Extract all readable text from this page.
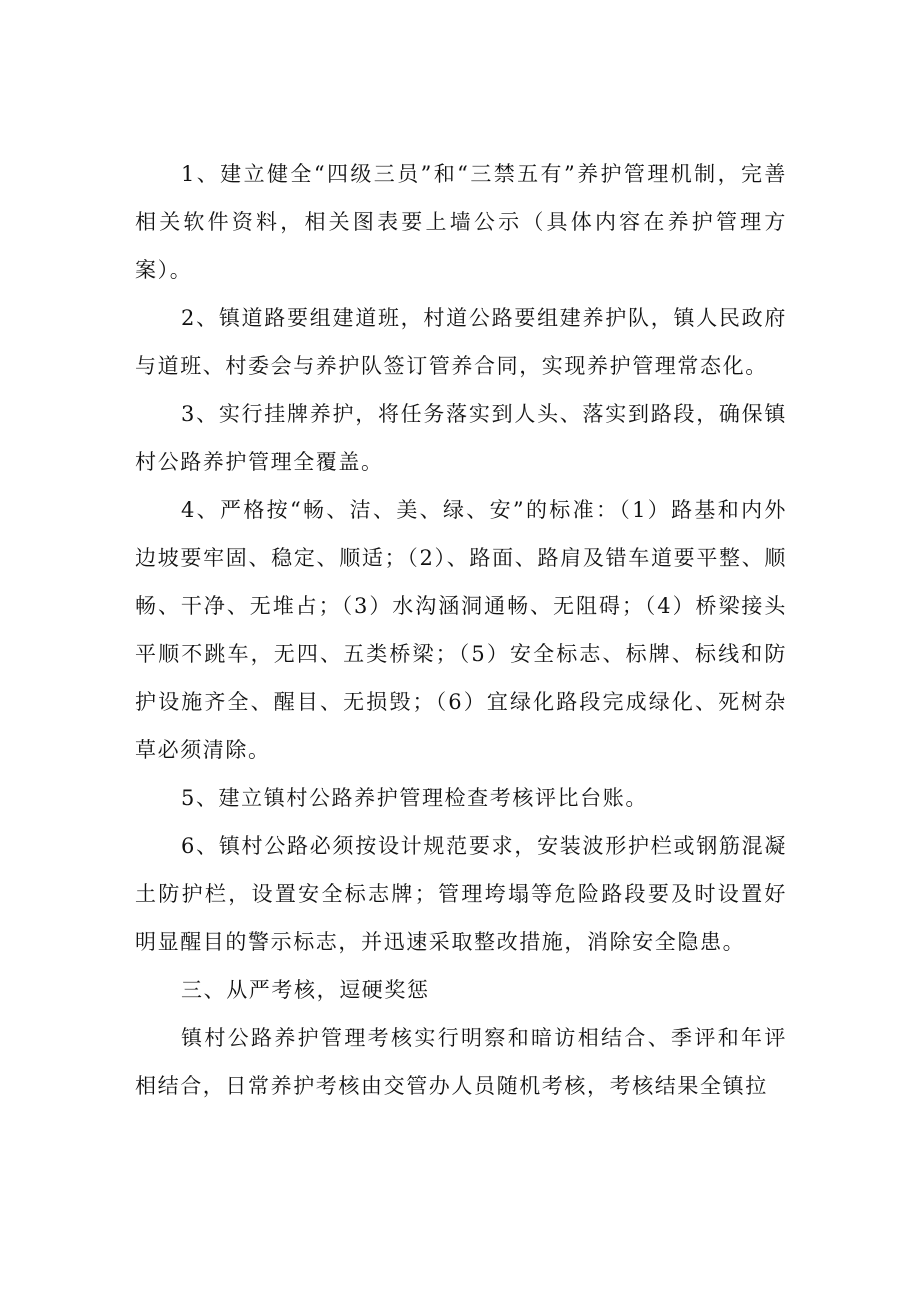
1、建立健全“四级三员”和“三禁五有”养护管理机制，完善相关软件资料，相关图表要上墙公示（具体内容在养护管理方案）。

2、镇道路要组建道班，村道公路要组建养护队，镇人民政府与道班、村委会与养护队签订管养合同，实现养护管理常态化。

3、实行挂牌养护，将任务落实到人头、落实到路段，确保镇村公路养护管理全覆盖。

4、严格按“畅、洁、美、绿、安”的标准：（1）路基和内外边坡要牢固、稳定、顺适；（2）、路面、路肩及错车道要平整、顺畅、干净、无堆占；（3）水沟涵洞通畅、无阻碍；（4）桥梁接头平顺不跳车，无四、五类桥梁；（5）安全标志、标牌、标线和防护设施齐全、醒目、无损毁；（6）宜绿化路段完成绿化、死树杂草必须清除。

5、建立镇村公路养护管理检查考核评比台账。

6、镇村公路必须按设计规范要求，安装波形护栏或钢筋混凝土防护栏，设置安全标志牌；管理垮塌等危险路段要及时设置好明显醒目的警示标志，并迅速采取整改措施，消除安全隐患。

三、从严考核，逗硬奖惩

镇村公路养护管理考核实行明察和暗访相结合、季评和年评相结合，日常养护考核由交管办人员随机考核，考核结果全镇拉
